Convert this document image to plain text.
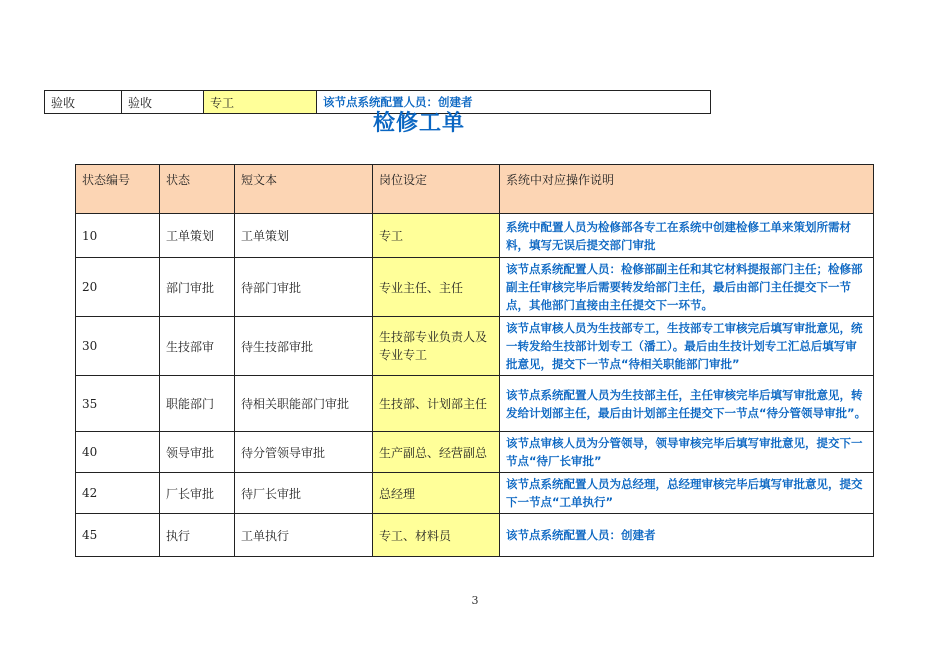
验收	验收	专工	该节点系统配置人员：创建者
检修工单
状态编号	状态	短文本	岗位设定	系统中对应操作说明
10	工单策划	工单策划	专工	系统中配置人员为检修部各专工在系统中创建检修工单来策划所需材料，填写无误后提交部门审批
20	部门审批	待部门审批	专业主任、主任	该节点系统配置人员：检修部副主任和其它材料提报部门主任；检修部副主任审核完毕后需要转发给部门主任，最后由部门主任提交下一节点，其他部门直接由主任提交下一环节。
30	生技部审	待生技部审批	生技部专业负责人及专业专工	该节点审核人员为生技部专工，生技部专工审核完后填写审批意见，统一转发给生技部计划专工（潘工）。最后由生技计划专工汇总后填写审批意见，提交下一节点“待相关职能部门审批”
35	职能部门	待相关职能部门审批	生技部、计划部主任	该节点系统配置人员为生技部主任，主任审核完毕后填写审批意见，转发给计划部主任，最后由计划部主任提交下一节点“待分管领导审批”。
40	领导审批	待分管领导审批	生产副总、经营副总	该节点审核人员为分管领导，领导审核完毕后填写审批意见，提交下一节点“待厂长审批”
42	厂长审批	待厂长审批	总经理	该节点系统配置人员为总经理，总经理审核完毕后填写审批意见，提交下一节点“工单执行”
45	执行	工单执行	专工、材料员	该节点系统配置人员：创建者
3
